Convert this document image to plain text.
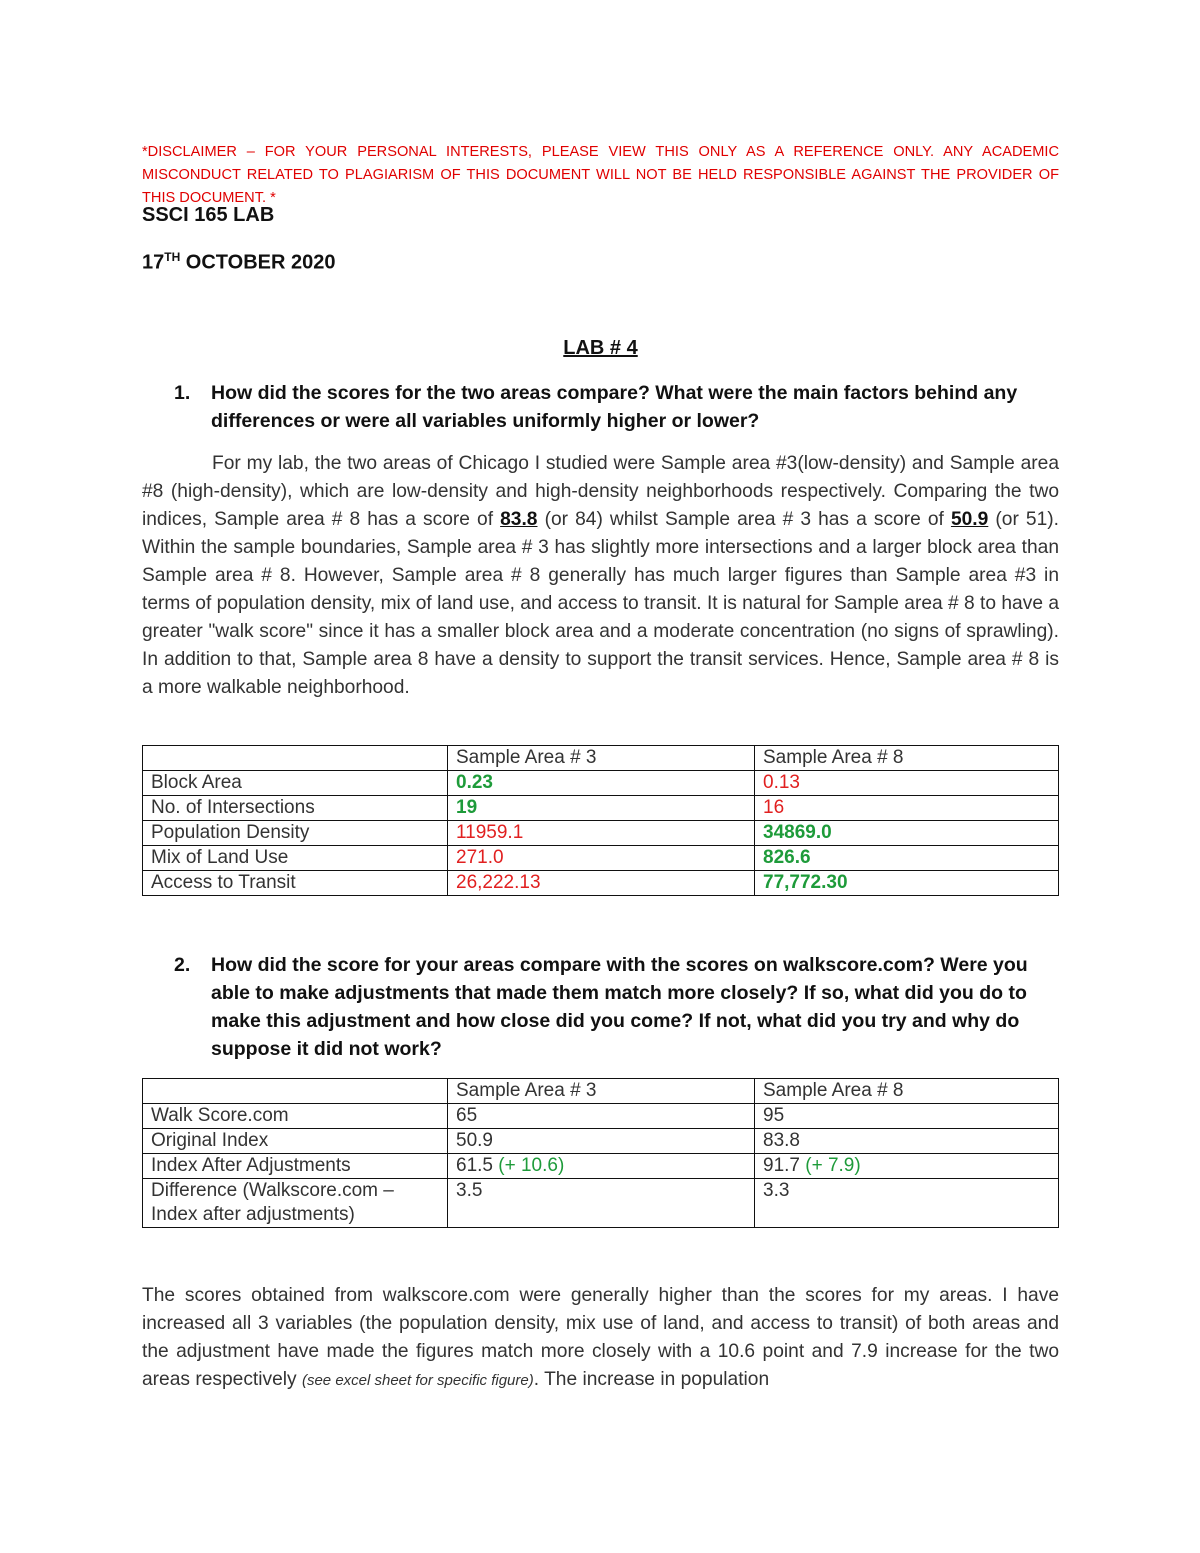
*DISCLAIMER – FOR YOUR PERSONAL INTERESTS, PLEASE VIEW THIS ONLY AS A REFERENCE ONLY. ANY ACADEMIC MISCONDUCT RELATED TO PLAGIARISM OF THIS DOCUMENT WILL NOT BE HELD RESPONSIBLE AGAINST THE PROVIDER OF THIS DOCUMENT. *
SSCI 165 LAB
17TH OCTOBER 2020
LAB # 4
1. How did the scores for the two areas compare? What were the main factors behind any differences or were all variables uniformly higher or lower?
For my lab, the two areas of Chicago I studied were Sample area #3(low-density) and Sample area #8 (high-density), which are low-density and high-density neighborhoods respectively. Comparing the two indices, Sample area # 8 has a score of 83.8 (or 84) whilst Sample area # 3 has a score of 50.9 (or 51). Within the sample boundaries, Sample area # 3 has slightly more intersections and a larger block area than Sample area # 8. However, Sample area # 8 generally has much larger figures than Sample area #3 in terms of population density, mix of land use, and access to transit. It is natural for Sample area # 8 to have a greater "walk score" since it has a smaller block area and a moderate concentration (no signs of sprawling). In addition to that, Sample area 8 have a density to support the transit services. Hence, Sample area # 8 is a more walkable neighborhood.
	Sample Area # 3	Sample Area # 8
Block Area	0.23	0.13
No. of Intersections	19	16
Population Density	11959.1	34869.0
Mix of Land Use	271.0	826.6
Access to Transit	26,222.13	77,772.30
2. How did the score for your areas compare with the scores on walkscore.com? Were you able to make adjustments that made them match more closely? If so, what did you do to make this adjustment and how close did you come? If not, what did you try and why do suppose it did not work?
	Sample Area # 3	Sample Area # 8
Walk Score.com	65	95
Original Index	50.9	83.8
Index After Adjustments	61.5 (+ 10.6)	91.7 (+ 7.9)
Difference (Walkscore.com – Index after adjustments)	3.5	3.3
The scores obtained from walkscore.com were generally higher than the scores for my areas. I have increased all 3 variables (the population density, mix use of land, and access to transit) of both areas and the adjustment have made the figures match more closely with a 10.6 point and 7.9 increase for the two areas respectively (see excel sheet for specific figure). The increase in population
